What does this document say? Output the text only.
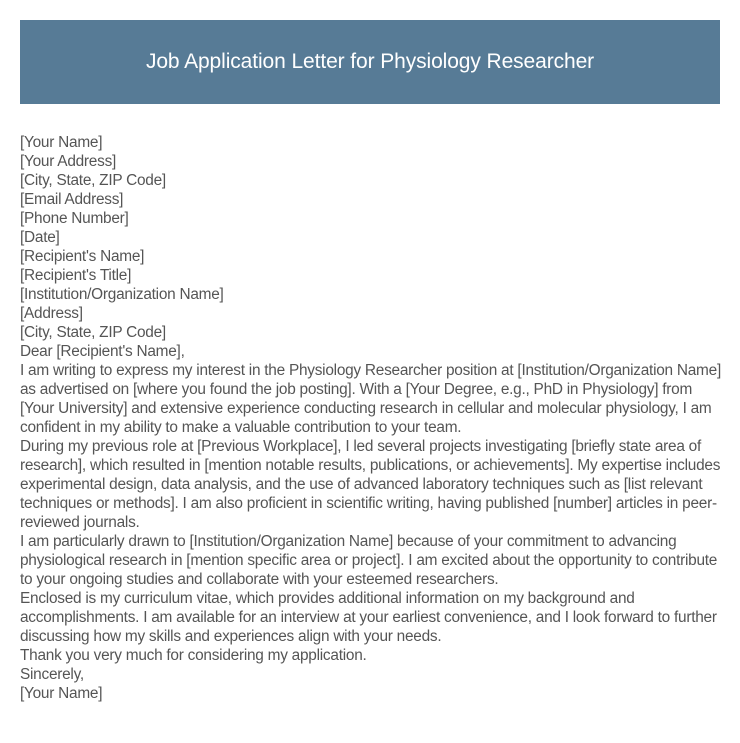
Job Application Letter for Physiology Researcher

[Your Name]

[Your Address]

[City, State, ZIP Code]

[Email Address]

[Phone Number]

[Date]

[Recipient's Name]

[Recipient's Title]

[Institution/Organization Name]

[Address]

[City, State, ZIP Code]

Dear [Recipient's Name],

I am writing to express my interest in the Physiology Researcher position at [Institution/Organization Name] as advertised on [where you found the job posting]. With a [Your Degree, e.g., PhD in Physiology] from [Your University] and extensive experience conducting research in cellular and molecular physiology, I am confident in my ability to make a valuable contribution to your team.

During my previous role at [Previous Workplace], I led several projects investigating [briefly state area of research], which resulted in [mention notable results, publications, or achievements]. My expertise includes experimental design, data analysis, and the use of advanced laboratory techniques such as [list relevant techniques or methods]. I am also proficient in scientific writing, having published [number] articles in peer-reviewed journals.

I am particularly drawn to [Institution/Organization Name] because of your commitment to advancing physiological research in [mention specific area or project]. I am excited about the opportunity to contribute to your ongoing studies and collaborate with your esteemed researchers.

Enclosed is my curriculum vitae, which provides additional information on my background and accomplishments. I am available for an interview at your earliest convenience, and I look forward to further discussing how my skills and experiences align with your needs.

Thank you very much for considering my application.

Sincerely,

[Your Name]
